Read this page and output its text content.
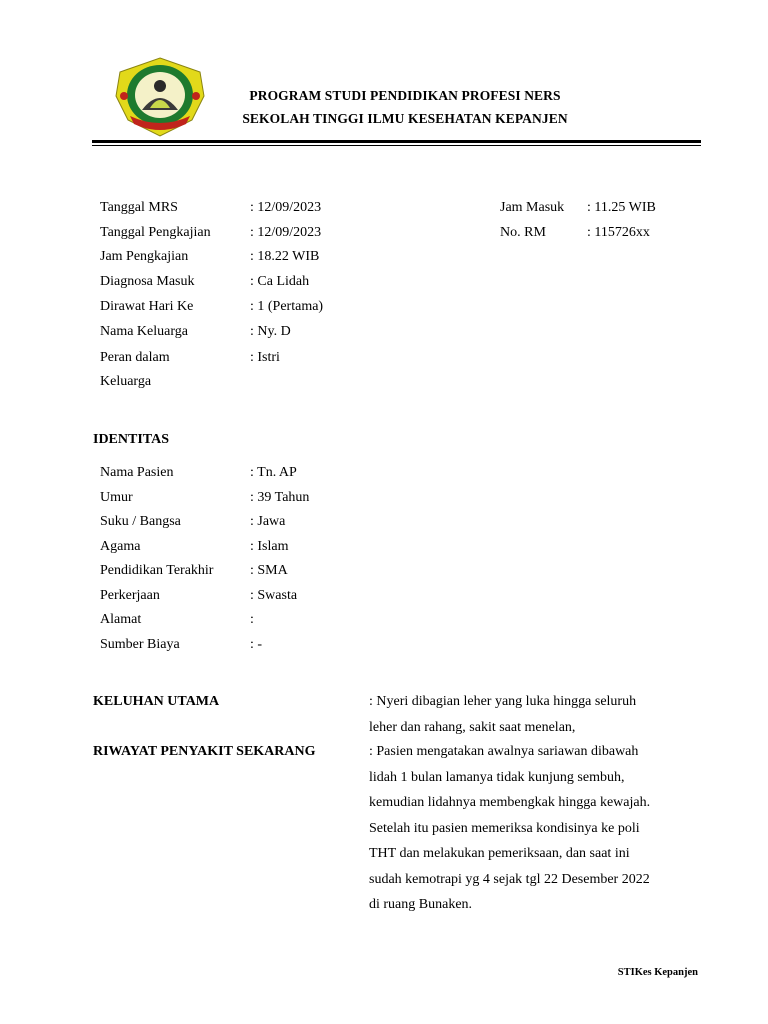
PROGRAM STUDI PENDIDIKAN PROFESI NERS
SEKOLAH TINGGI ILMU KESEHATAN KEPANJEN
Tanggal MRS	: 12/09/2023
Tanggal Pengkajian	: 12/09/2023
Jam Pengkajian	: 18.22 WIB
Diagnosa Masuk	: Ca Lidah
Dirawat Hari Ke	: 1 (Pertama)
Nama Keluarga	: Ny. D
Peran dalam	: Istri
Keluarga
Jam Masuk : 11.25 WIB
No. RM	: 115726xx
IDENTITAS
Nama Pasien	: Tn. AP
Umur	: 39 Tahun
Suku / Bangsa	: Jawa
Agama	: Islam
Pendidikan Terakhir	: SMA
Perkerjaan	: Swasta
Alamat	:
Sumber Biaya	: -
KELUHAN UTAMA	: Nyeri dibagian leher yang luka hingga seluruh

leher dan rahang, sakit saat menelan,

RIWAYAT PENYAKIT SEKARANG	: Pasien mengatakan awalnya sariawan dibawah

lidah 1 bulan lamanya tidak kunjung sembuh,

kemudian lidahnya membengkak hingga kewajah.

Setelah itu pasien memeriksa kondisinya ke poli

THT dan melakukan pemeriksaan, dan saat ini

sudah kemotrapi yg 4 sejak tgl 22 Desember 2022

di ruang Bunaken.

STIKes Kepanjen
